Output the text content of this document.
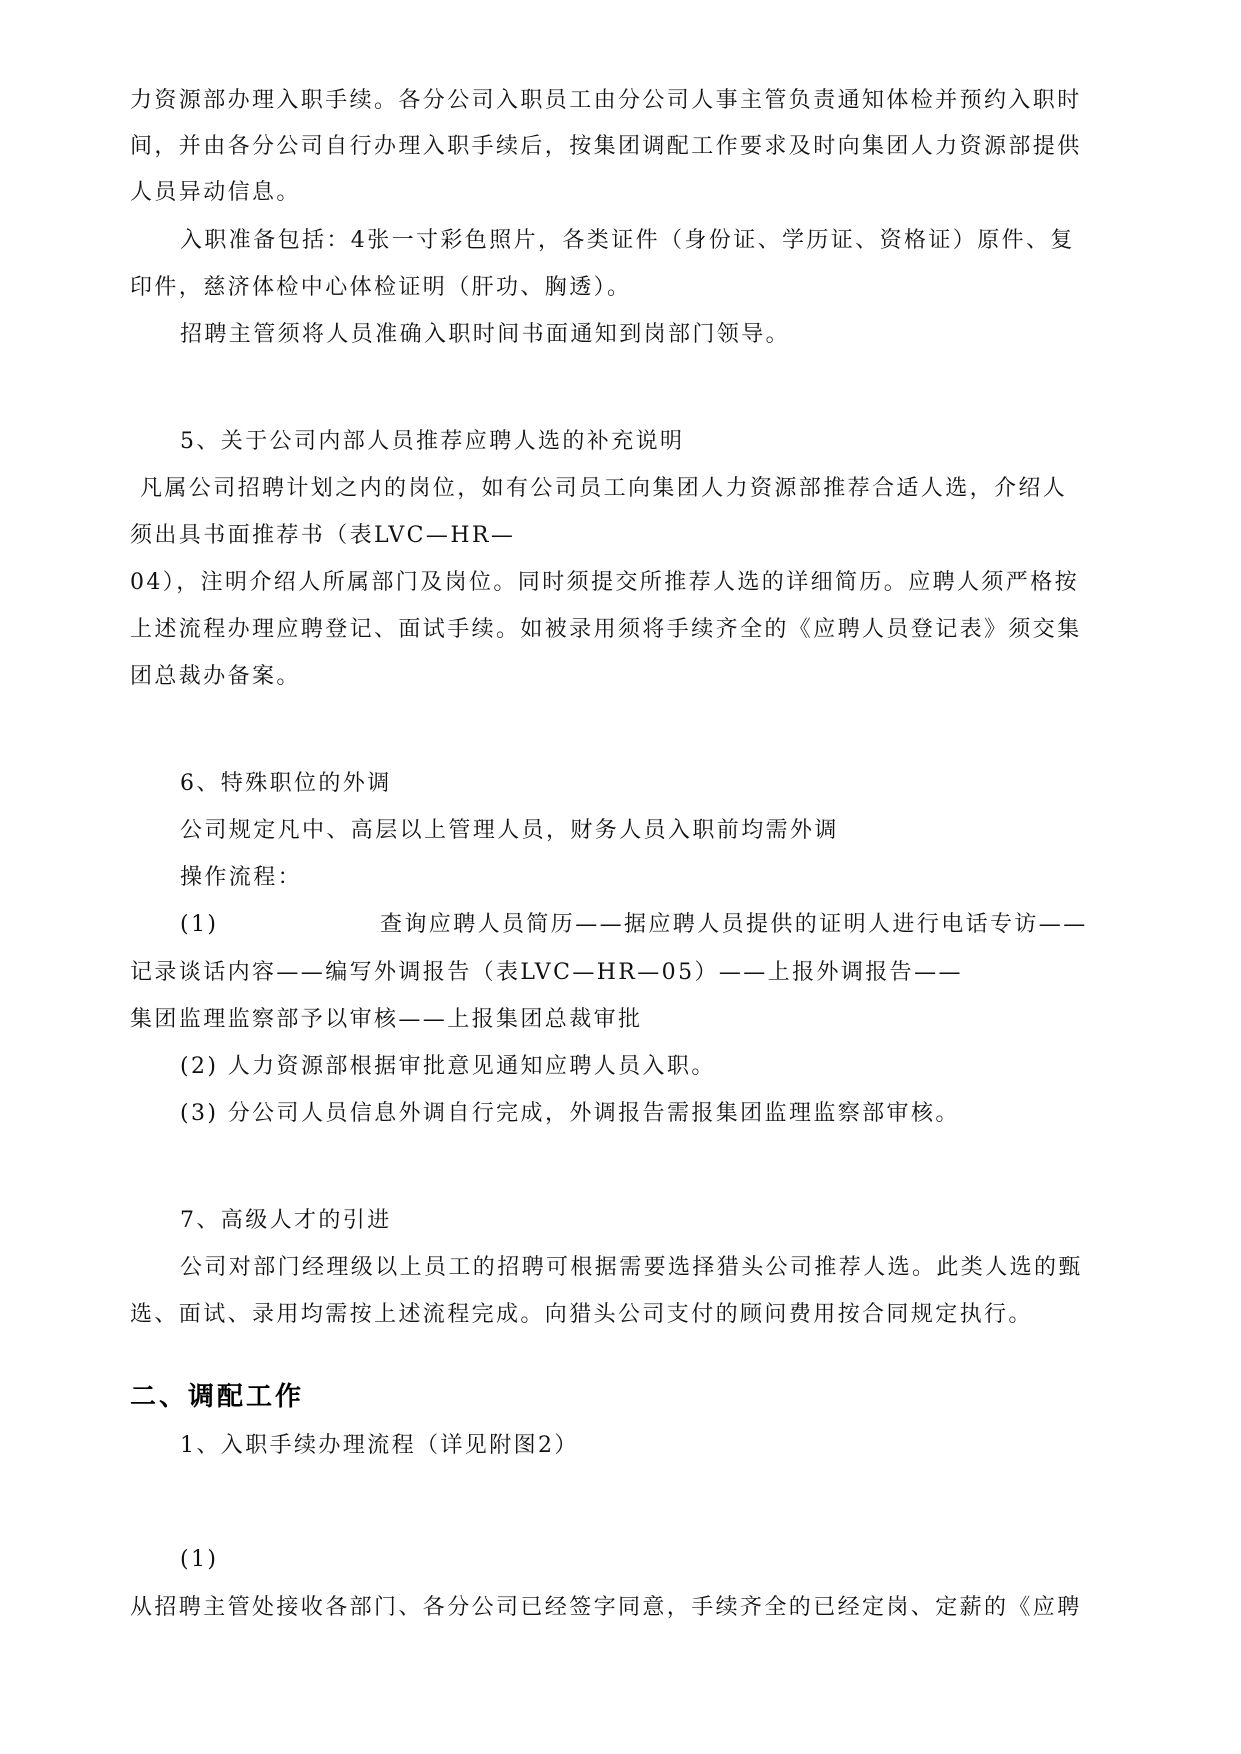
力资源部办理入职手续。各分公司入职员工由分公司人事主管负责通知体检并预约入职时
间，并由各分公司自行办理入职手续后，按集团调配工作要求及时向集团人力资源部提供
人员异动信息。
入职准备包括：4张一寸彩色照片，各类证件（身份证、学历证、资格证）原件、复
印件，慈济体检中心体检证明（肝功、胸透）。
招聘主管须将人员准确入职时间书面通知到岗部门领导。
5、关于公司内部人员推荐应聘人选的补充说明
凡属公司招聘计划之内的岗位，如有公司员工向集团人力资源部推荐合适人选，介绍人
须出具书面推荐书（表LVC—HR—
04），注明介绍人所属部门及岗位。同时须提交所推荐人选的详细简历。应聘人须严格按
上述流程办理应聘登记、面试手续。如被录用须将手续齐全的《应聘人员登记表》须交集
团总裁办备案。
6、特殊职位的外调
公司规定凡中、高层以上管理人员，财务人员入职前均需外调
操作流程：
(1)	查询应聘人员简历——据应聘人员提供的证明人进行电话专访——
记录谈话内容——编写外调报告（表LVC—HR—05）——上报外调报告——
集团监理监察部予以审核——上报集团总裁审批
(2) 人力资源部根据审批意见通知应聘人员入职。
(3) 分公司人员信息外调自行完成，外调报告需报集团监理监察部审核。
7、高级人才的引进
公司对部门经理级以上员工的招聘可根据需要选择猎头公司推荐人选。此类人选的甄
选、面试、录用均需按上述流程完成。向猎头公司支付的顾问费用按合同规定执行。
二、调配工作
1、入职手续办理流程（详见附图2）
(1)
从招聘主管处接收各部门、各分公司已经签字同意，手续齐全的已经定岗、定薪的《应聘
